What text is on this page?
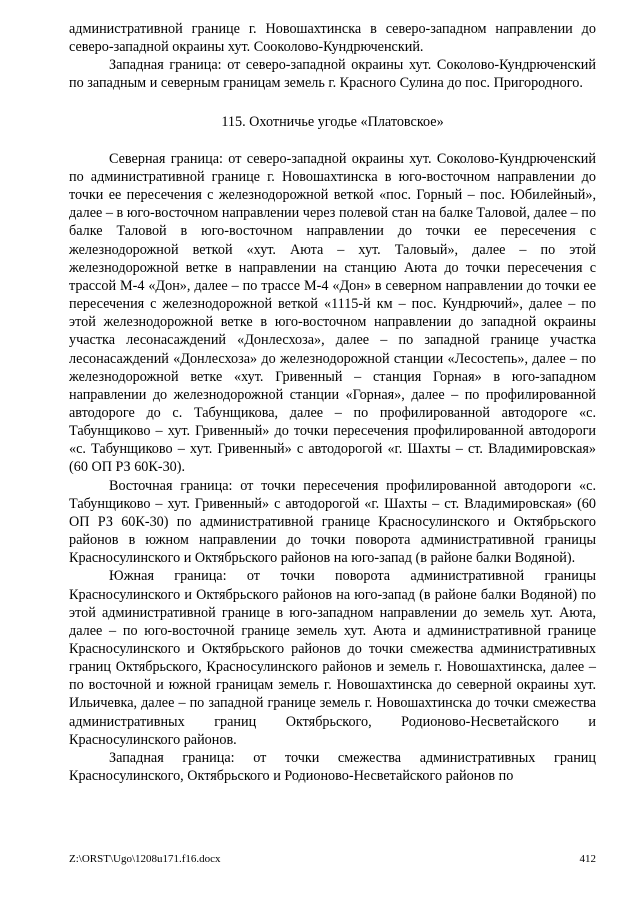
административной границе г. Новошахтинска в северо-западном направлении до северо-западной окраины хут. Сооколово-Кундрюченский.

Западная граница: от северо-западной окраины хут. Соколово-Кундрюченский по западным и северным границам земель г. Красного Сулина до пос. Пригородного.

115. Охотничье угодье «Платовское»

Северная граница: от северо-западной окраины хут. Соколово-Кундрюченский по административной границе г. Новошахтинска в юго-восточном направлении до точки ее пересечения с железнодорожной веткой «пос. Горный – пос. Юбилейный», далее – в юго-восточном направлении через полевой стан на балке Таловой, далее – по балке Таловой в юго-восточном направлении до точки ее пересечения с железнодорожной веткой «хут. Аюта – хут. Таловый», далее – по этой железнодорожной ветке в направлении на станцию Аюта до точки пересечения с трассой М-4 «Дон», далее – по трассе М-4 «Дон» в северном направлении до точки ее пересечения с железнодорожной веткой «1115-й км – пос. Кундрючий», далее – по этой железнодорожной ветке в юго-восточном направлении до западной окраины участка лесонасаждений «Донлесхоза», далее – по западной границе участка лесонасаждений «Донлесхоза» до железнодорожной станции «Лесостепь», далее – по железнодорожной ветке «хут. Гривенный – станция Горная» в юго-западном направлении до железнодорожной станции «Горная», далее – по профилированной автодороге до с. Табунщикова, далее – по профилированной автодороге «с. Табунщиково – хут. Гривенный» до точки пересечения профилированной автодороги «с. Табунщиково – хут. Гривенный» с автодорогой «г. Шахты – ст. Владимировская» (60 ОП РЗ 60К-30).

Восточная граница: от точки пересечения профилированной автодороги «с. Табунщиково – хут. Гривенный» с автодорогой «г. Шахты – ст. Владимировская» (60 ОП РЗ 60К-30) по административной границе Красносулинского и Октябрьского районов в южном направлении до точки поворота административной границы Красносулинского и Октябрьского районов на юго-запад (в районе балки Водяной).

Южная граница: от точки поворота административной границы Красносулинского и Октябрьского районов на юго-запад (в районе балки Водяной) по этой административной границе в юго-западном направлении до земель хут. Аюта, далее – по юго-восточной границе земель хут. Аюта и административной границе Красносулинского и Октябрьского районов до точки смежества административных границ Октябрьского, Красносулинского районов и земель г. Новошахтинска, далее – по восточной и южной границам земель г. Новошахтинска до северной окраины хут. Ильичевка, далее – по западной границе земель г. Новошахтинска до точки смежества административных границ Октябрьского, Родионово-Несветайского и Красносулинского районов.

Западная граница: от точки смежества административных границ Красносулинского, Октябрьского и Родионово-Несветайского районов по

Z:\ORST\Ugo\1208u171.f16.docx	412
